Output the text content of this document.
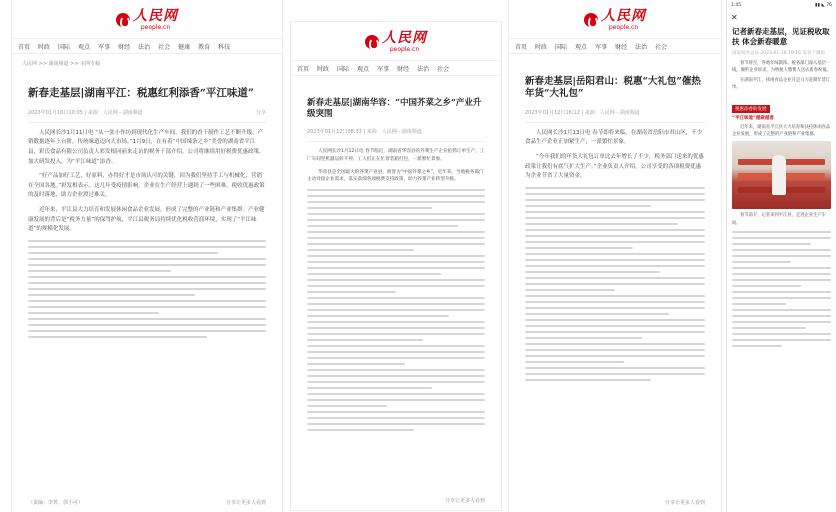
人民网
people.cn
首页 时政 国际 观点 军事 财经 法治 社会 健康 教育 科技
人民网 >> 湖南频道 >> 本网专稿
新春走基层|湖南平江：税惠红利添香“平江味道”
2023年01月10日10:05 | 来源：人民网－湖南频道	分享

人民网长沙1月11日电 “从一张小作坊到现代化生产车间，我们的香干制作工艺不断升级，产销数据逐年上台阶，传统味道迈向大市场。”1月9日，在有着“中国辣条之乡”美誉的湖南省平江县，彩氏食品有限公司负责人彩发根同前来走访的税务干部介绍，公司将继续用好税费优惠政策，加大研发投入，为“平江味道”添香。

“好产品加好工艺，好原料，办得好才是市场认可的关键，因为我们坚持手工与机械化，营销在全国各地。”彩发根表示。这几年受疫情影响，企业在生产经营上遇到了一些困难，税收优惠政策的及时落地，助力企业渡过难关。

近年来，平江县大力培育和发展休闲食品企业发展，形成了完整的产业链和产业集群。产业健康发展的背后是“税务力量”的保驾护航，平江县税务局持续优化税收营商环境，实现了“平江味道”的规模化发展。

（责编：李菁、郭小可）	分享让更多人看到
人民网
people.cn
首页 时政 国际 观点 军事 财经 法治 社会
新春走基层|湖南华容：“中国芥菜之乡”产业升级突围
2023年01月12日08:33 | 来源：人民网－湖南频道

人民网长沙1月12日电 春节临近，湖南省华容县的芥菜生产企业抢抓订单生产，工厂车间里机器运转不停，工人们正在忙着装箱打包，一派繁忙景象。

华容县是全国最大的芥菜产业县，被誉为“中国芥菜之乡”。近年来，当地税务部门主动对接企业需求，落实落细各项税费支持政策，助力芥菜产业转型升级。

分享让更多人看到
人民网
people.cn
首页 时政 国际 观点 军事 财经 法治 社会
新春走基层|岳阳君山：税惠“大礼包”催热年货“大礼包”
2023年01月12日16:12 | 来源：人民网－湖南频道

人民网长沙1月13日电 春节即将来临，在湖南省岳阳市君山区，不少食品生产企业正加紧生产，一派繁忙景象。

“今年我们的年货大礼包订单比去年增长了不少，税务部门送来的优惠政策让我们有底气扩大生产。”企业负责人介绍，公司享受的各项税费优惠为企业节省了大量资金。

分享让更多人看到
1:45	▮▮ ◣ 76
✕
记者新春走基层，见证税收取扶 体会新春暖意
国家税务总局 2023-01-18 19:16 发表于湖南

春节将至，各地年味渐浓。税务部门深入基层一线，倾听企业诉求，为纳税人缴费人送去新春祝福。

在湖南平江，休闲食品企业开足马力赶制年货订单。

税惠添香助发展
“平江味道”越做越香

近年来，湖南省平江县大力培育和扶持休闲食品企业发展，形成了完整的产业链和产业集群。

春节前夕，记者来到平江县，走进企业生产车间。
